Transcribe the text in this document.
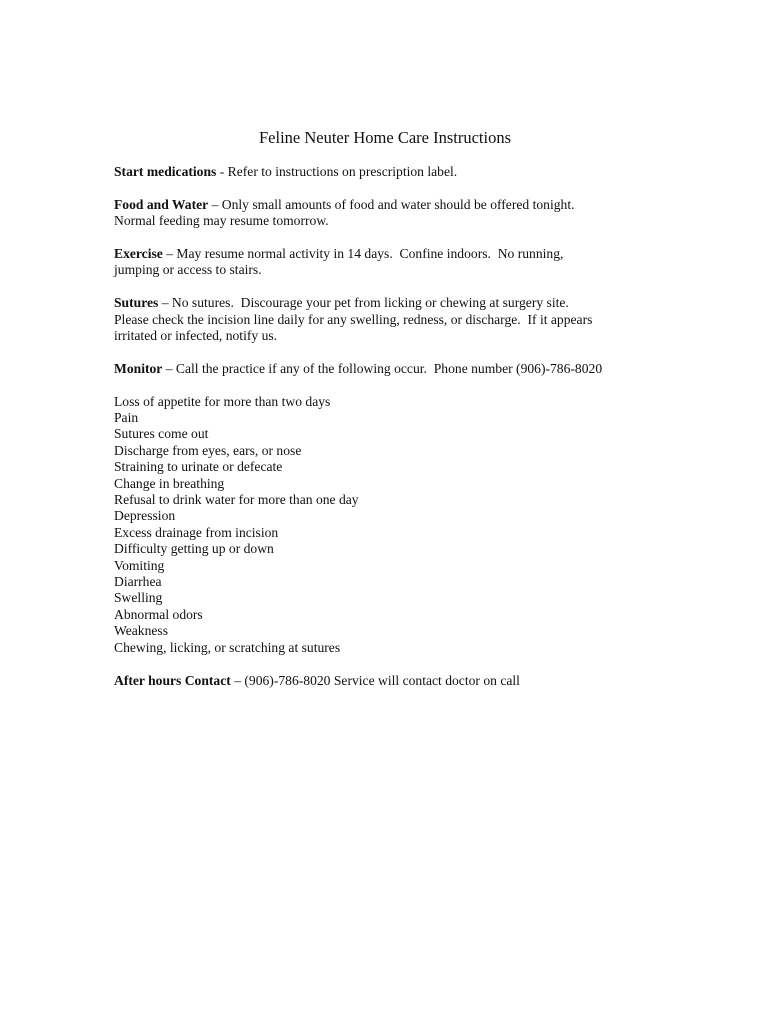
Feline Neuter Home Care Instructions

Start medications - Refer to instructions on prescription label.

Food and Water – Only small amounts of food and water should be offered tonight.
Normal feeding may resume tomorrow.

Exercise – May resume normal activity in 14 days.  Confine indoors.  No running,
jumping or access to stairs.

Sutures – No sutures.  Discourage your pet from licking or chewing at surgery site.
Please check the incision line daily for any swelling, redness, or discharge.  If it appears
irritated or infected, notify us.

Monitor – Call the practice if any of the following occur.  Phone number (906)-786-8020

Loss of appetite for more than two days
Pain
Sutures come out
Discharge from eyes, ears, or nose
Straining to urinate or defecate
Change in breathing
Refusal to drink water for more than one day
Depression
Excess drainage from incision
Difficulty getting up or down
Vomiting
Diarrhea
Swelling
Abnormal odors
Weakness
Chewing, licking, or scratching at sutures

After hours Contact – (906)-786-8020 Service will contact doctor on call
